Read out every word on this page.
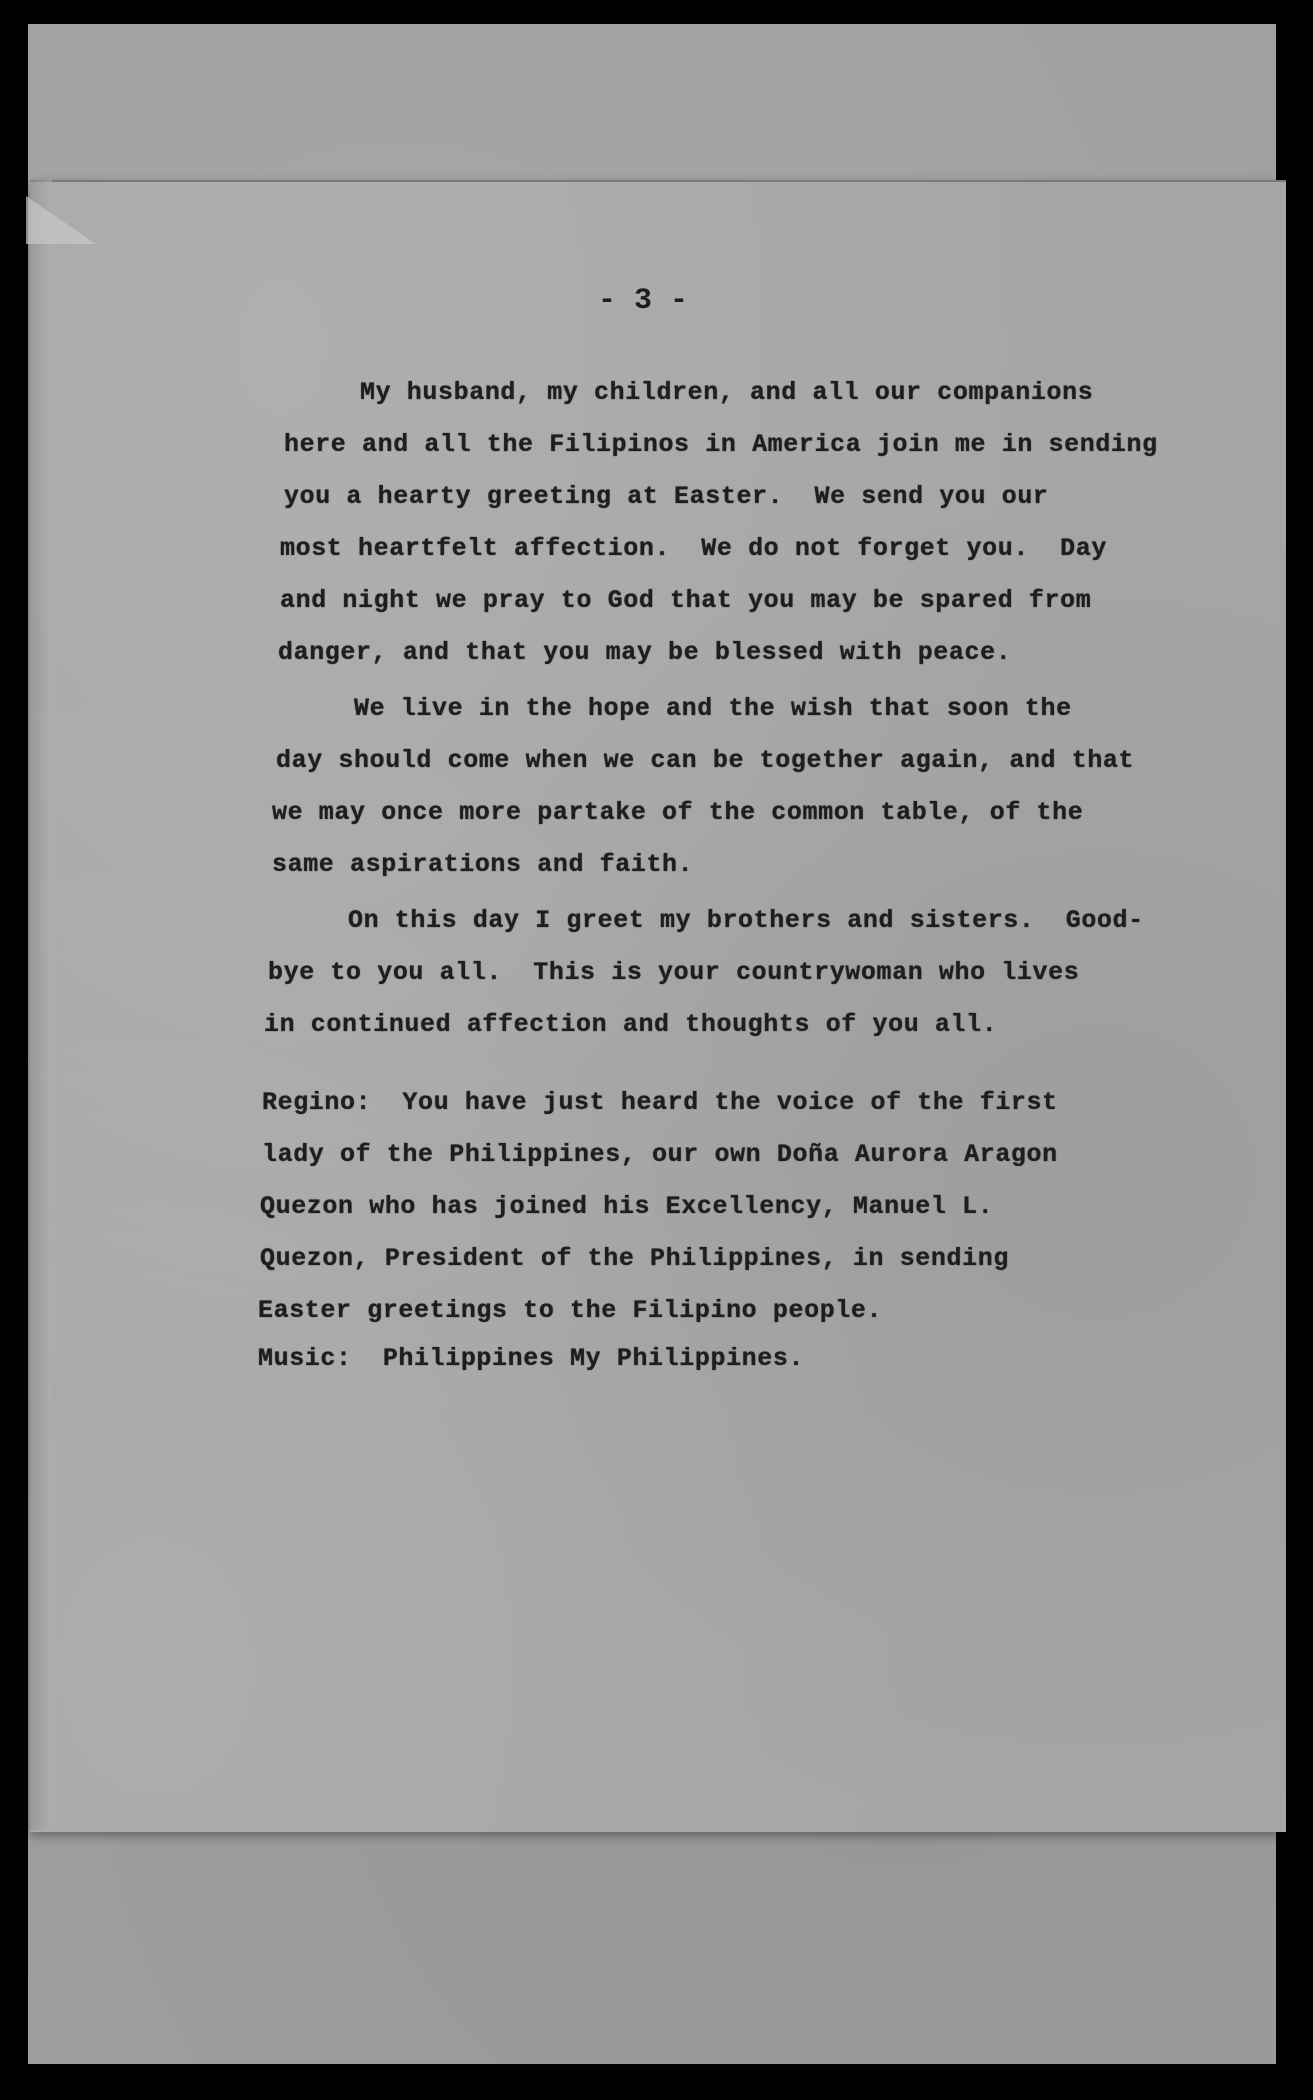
- 3 -
My husband, my children, and all our companions
here and all the Filipinos in America join me in sending
you a hearty greeting at Easter.  We send you our
most heartfelt affection.  We do not forget you.  Day
and night we pray to God that you may be spared from
danger, and that you may be blessed with peace.
We live in the hope and the wish that soon the
day should come when we can be together again, and that
we may once more partake of the common table, of the
same aspirations and faith.
On this day I greet my brothers and sisters.  Good-
bye to you all.  This is your countrywoman who lives
in continued affection and thoughts of you all.
Regino:  You have just heard the voice of the first
lady of the Philippines, our own Doña Aurora Aragon
Quezon who has joined his Excellency, Manuel L.
Quezon, President of the Philippines, in sending
Easter greetings to the Filipino people.
Music:  Philippines My Philippines.
